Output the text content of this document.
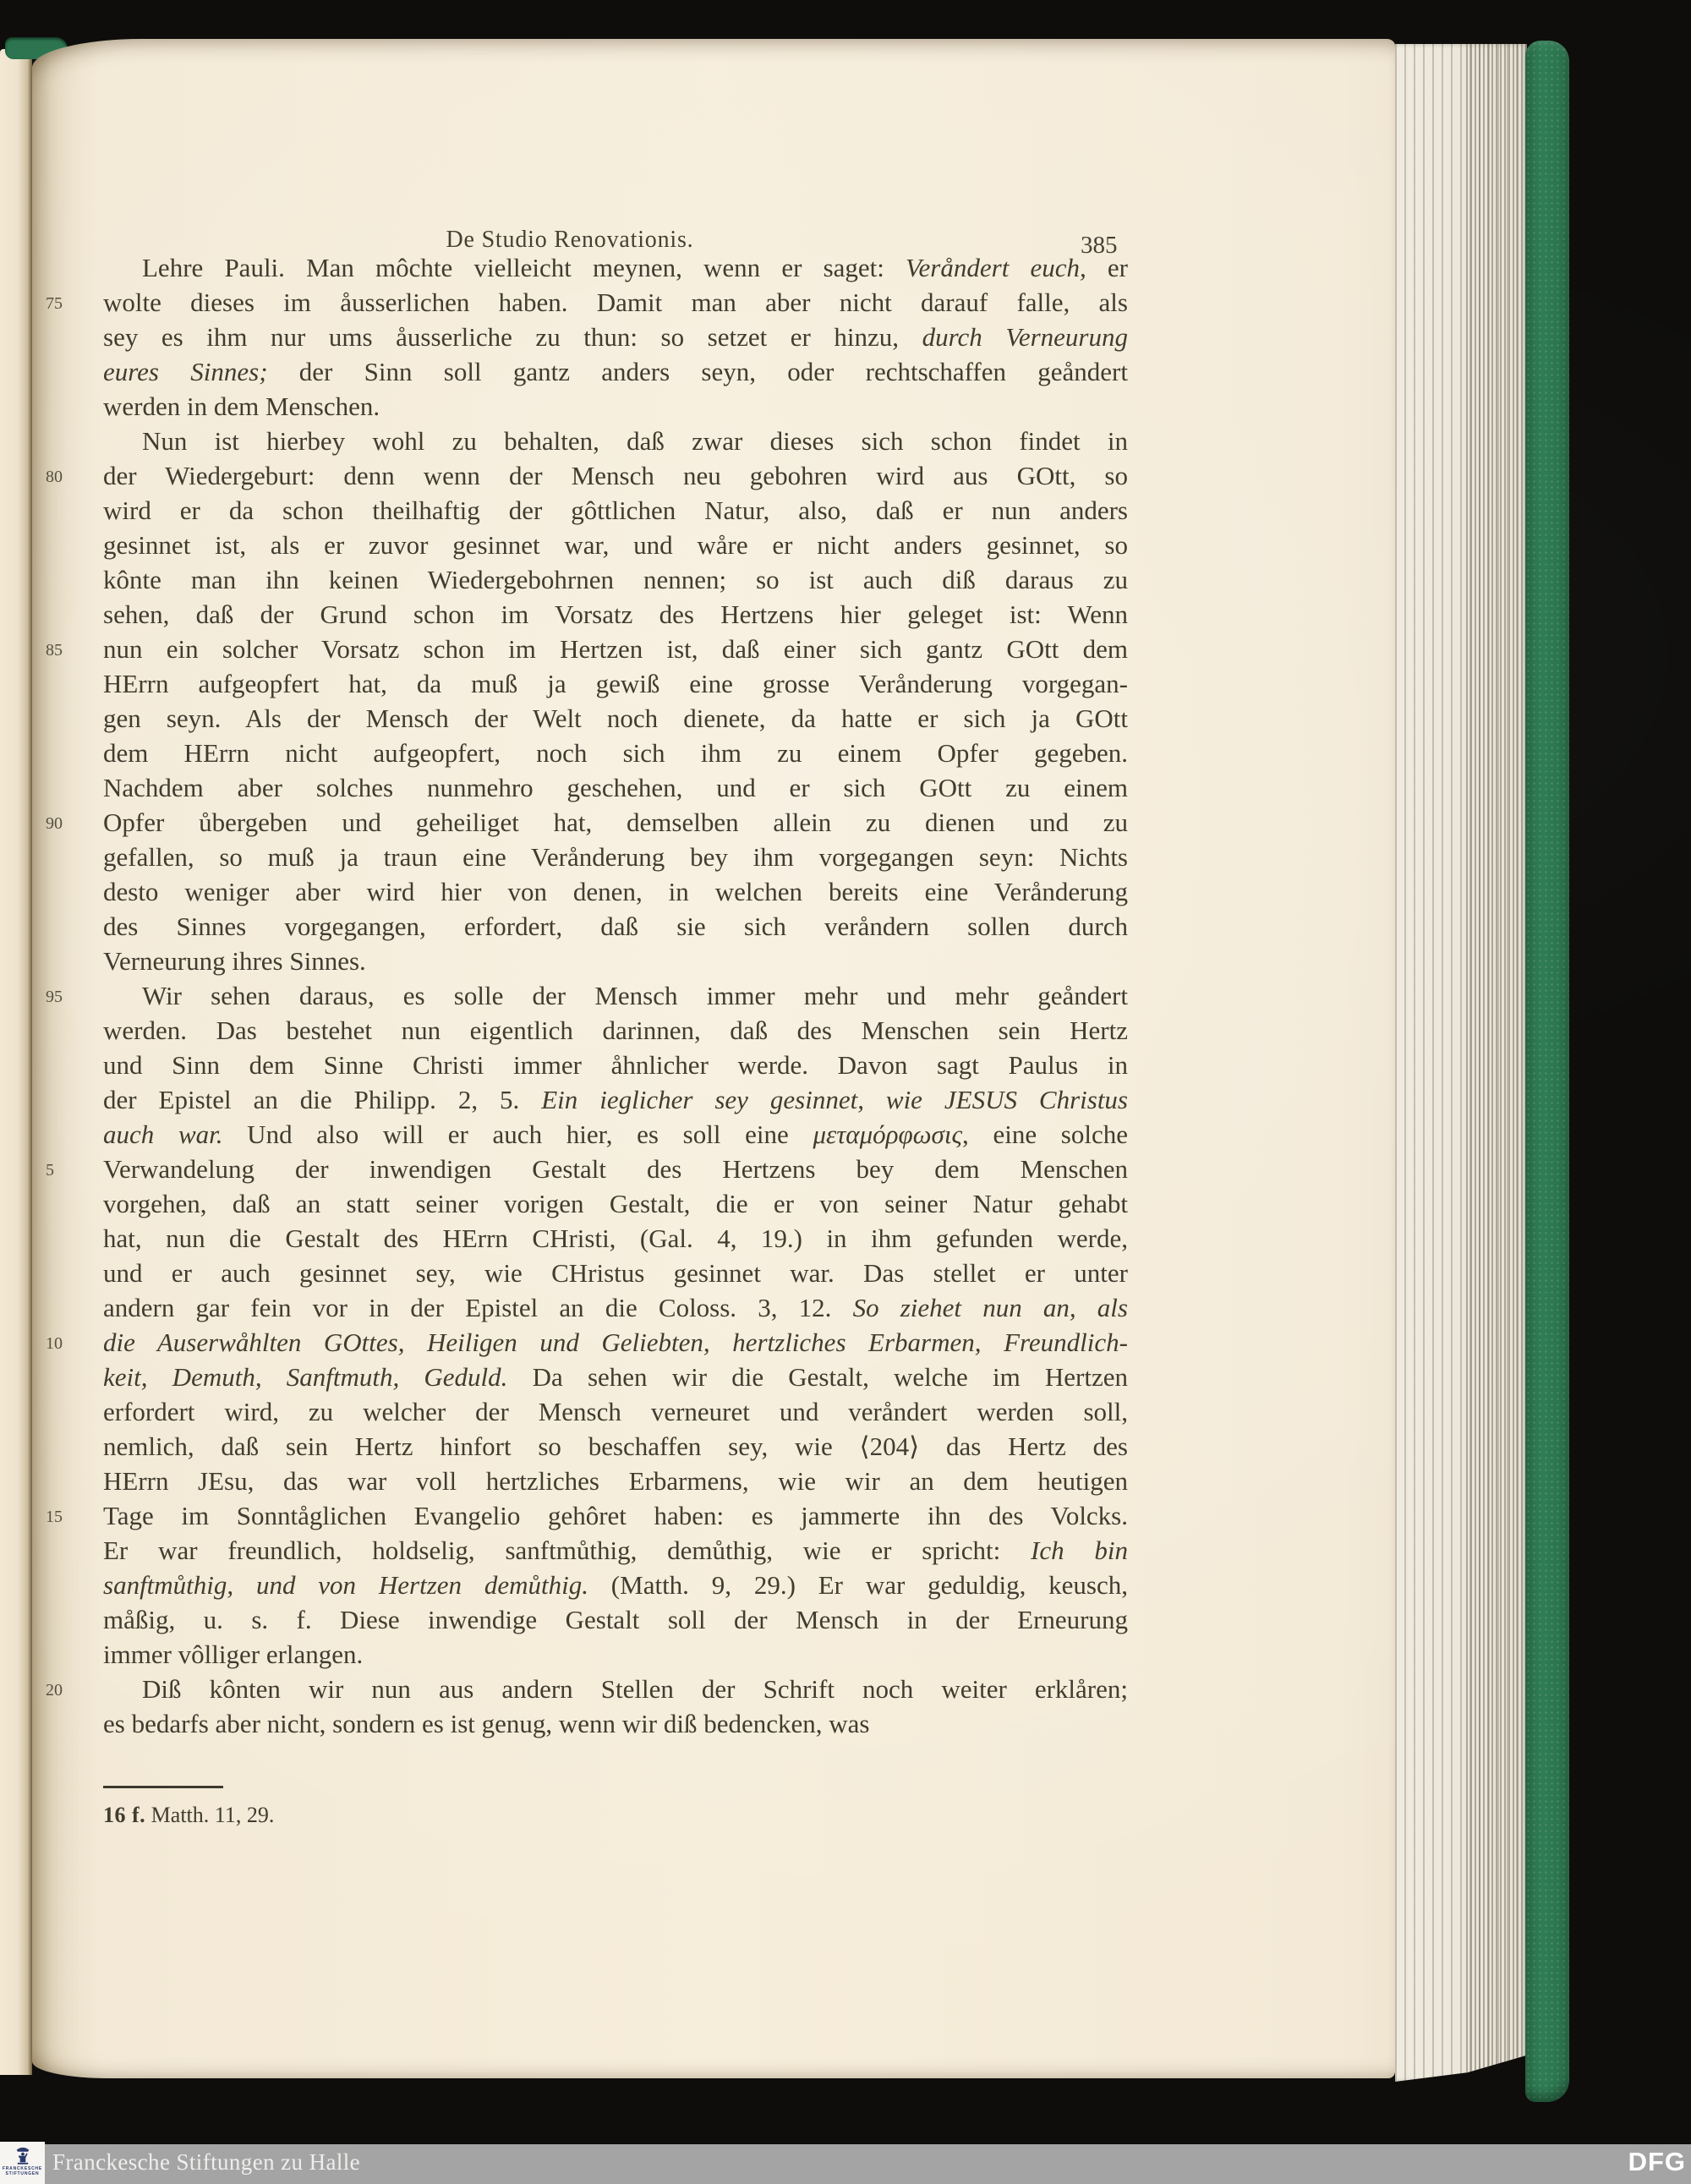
De Studio Renovationis.	385
Lehre Pauli. Man môchte vielleicht meynen, wenn er saget: Veråndert euch, er
75	wolte dieses im åusserlichen haben. Damit man aber nicht darauf falle, als
sey es ihm nur ums åusserliche zu thun: so setzet er hinzu, durch Verneurung
eures Sinnes; der Sinn soll gantz anders seyn, oder rechtschaffen geåndert
werden in dem Menschen.
Nun ist hierbey wohl zu behalten, daß zwar dieses sich schon findet in
80	der Wiedergeburt: denn wenn der Mensch neu gebohren wird aus GOtt, so
wird er da schon theilhaftig der gôttlichen Natur, also, daß er nun anders
gesinnet ist, als er zuvor gesinnet war, und wåre er nicht anders gesinnet, so
kônte man ihn keinen Wiedergebohrnen nennen; so ist auch diß daraus zu
sehen, daß der Grund schon im Vorsatz des Hertzens hier geleget ist: Wenn
85	nun ein solcher Vorsatz schon im Hertzen ist, daß einer sich gantz GOtt dem
HErrn aufgeopfert hat, da muß ja gewiß eine grosse Verånderung vorgegan-
gen seyn. Als der Mensch der Welt noch dienete, da hatte er sich ja GOtt
dem HErrn nicht aufgeopfert, noch sich ihm zu einem Opfer gegeben.
Nachdem aber solches nunmehro geschehen, und er sich GOtt zu einem
90	Opfer ůbergeben und geheiliget hat, demselben allein zu dienen und zu
gefallen, so muß ja traun eine Verånderung bey ihm vorgegangen seyn: Nichts
desto weniger aber wird hier von denen, in welchen bereits eine Verånderung
des Sinnes vorgegangen, erfordert, daß sie sich veråndern sollen durch
Verneurung ihres Sinnes.
95	Wir sehen daraus, es solle der Mensch immer mehr und mehr geåndert
werden. Das bestehet nun eigentlich darinnen, daß des Menschen sein Hertz
und Sinn dem Sinne Christi immer åhnlicher werde. Davon sagt Paulus in
der Epistel an die Philipp. 2, 5. Ein ieglicher sey gesinnet, wie JESUS Christus
auch war. Und also will er auch hier, es soll eine μεταμόρφωσις, eine solche
5	Verwandelung der inwendigen Gestalt des Hertzens bey dem Menschen
vorgehen, daß an statt seiner vorigen Gestalt, die er von seiner Natur gehabt
hat, nun die Gestalt des HErrn CHristi, (Gal. 4, 19.) in ihm gefunden werde,
und er auch gesinnet sey, wie CHristus gesinnet war. Das stellet er unter
andern gar fein vor in der Epistel an die Coloss. 3, 12. So ziehet nun an, als
10	die Auserwåhlten GOttes, Heiligen und Geliebten, hertzliches Erbarmen, Freundlich-
keit, Demuth, Sanftmuth, Geduld. Da sehen wir die Gestalt, welche im Hertzen
erfordert wird, zu welcher der Mensch verneuret und veråndert werden soll,
nemlich, daß sein Hertz hinfort so beschaffen sey, wie ⟨204⟩ das Hertz des
HErrn JEsu, das war voll hertzliches Erbarmens, wie wir an dem heutigen
15	Tage im Sonntåglichen Evangelio gehôret haben: es jammerte ihn des Volcks.
Er war freundlich, holdselig, sanftmůthig, demůthig, wie er spricht: Ich bin
sanftmůthig, und von Hertzen demůthig. (Matth. 9, 29.) Er war geduldig, keusch,
måßig, u. s. f. Diese inwendige Gestalt soll der Mensch in der Erneurung
immer vôlliger erlangen.
20	Diß kônten wir nun aus andern Stellen der Schrift noch weiter erklåren;
es bedarfs aber nicht, sondern es ist genug, wenn wir diß bedencken, was
16 f. Matth. 11, 29.
FRANCKESCHE
STIFTUNGEN Franckesche Stiftungen zu Halle	DFG
